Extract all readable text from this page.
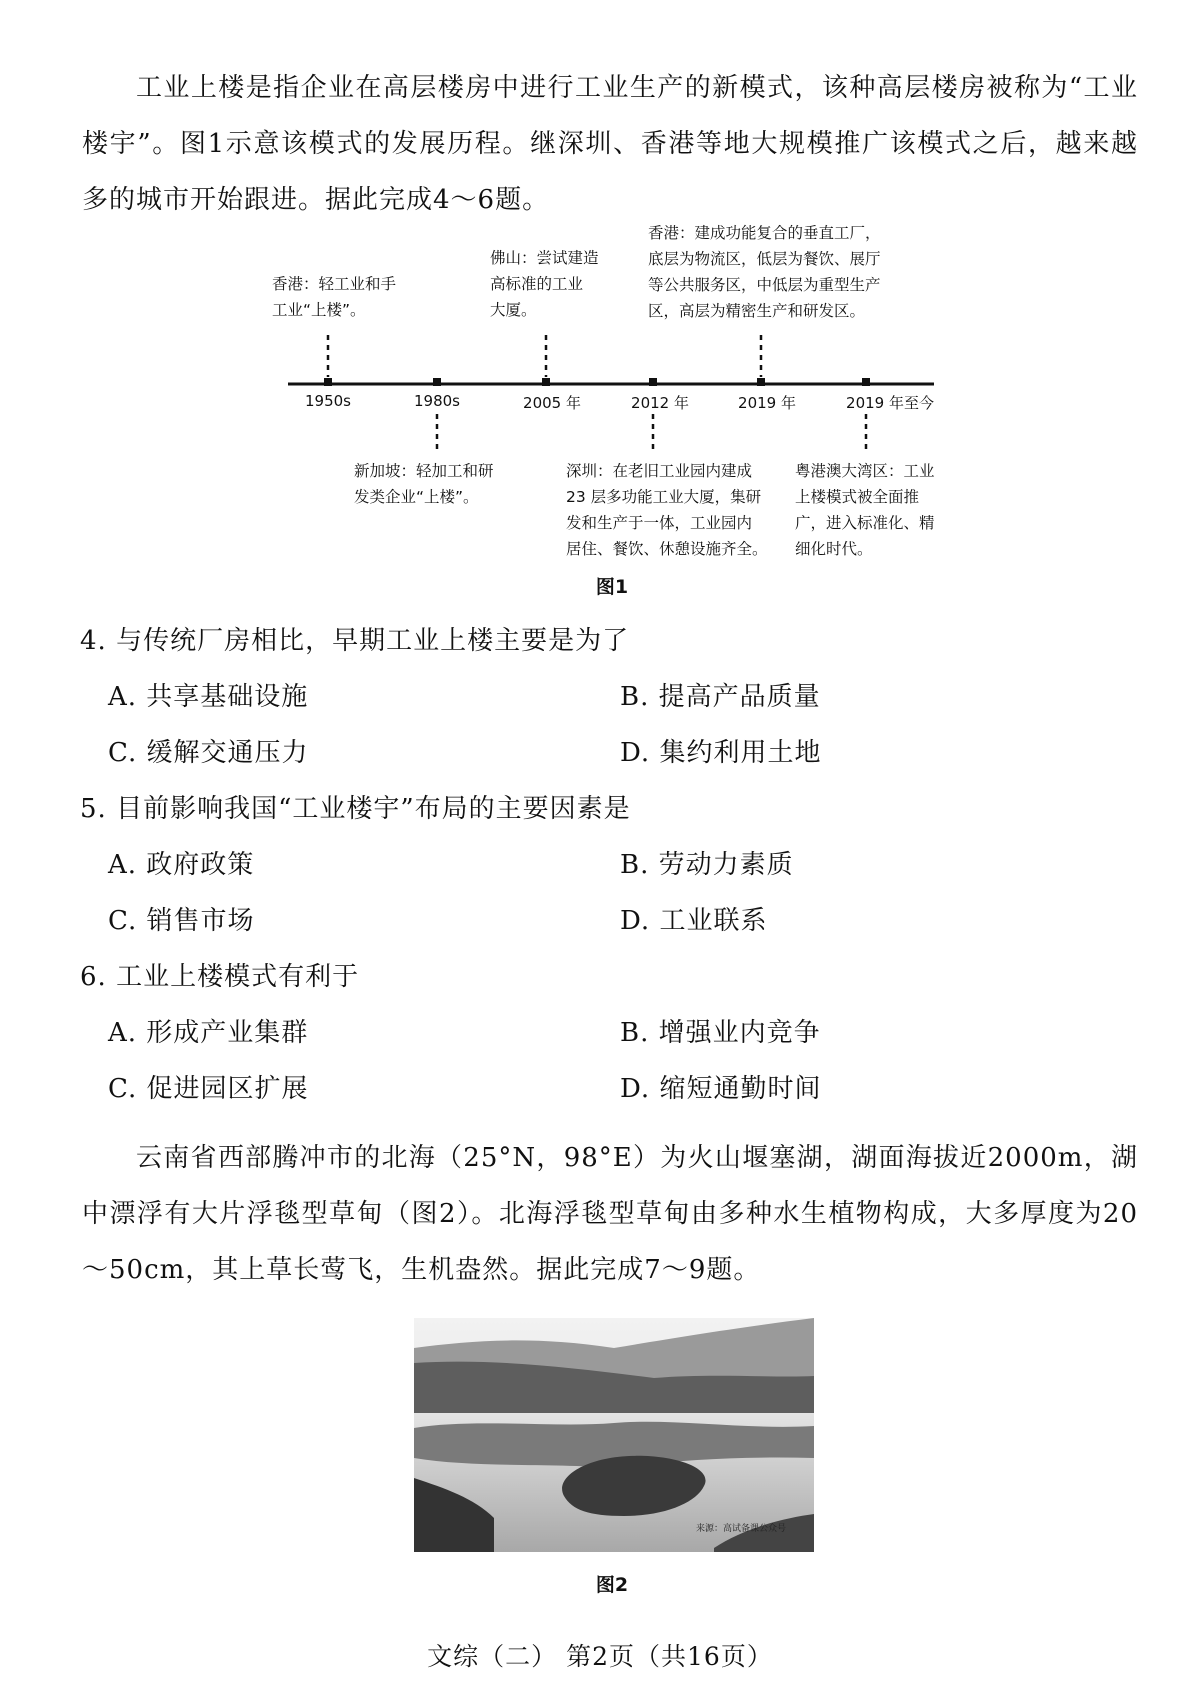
工业上楼是指企业在高层楼房中进行工业生产的新模式，该种高层楼房被称为“工业楼宇”。图1示意该模式的发展历程。继深圳、香港等地大规模推广该模式之后，越来越多的城市开始跟进。据此完成4～6题。

1950s	1980s	2005 年	2012 年	2019 年	2019 年至今
香港：轻工业和手
工业“上楼”。
佛山：尝试建造
高标准的工业
大厦。
香港：建成功能复合的垂直工厂，
底层为物流区，低层为餐饮、展厅
等公共服务区，中低层为重型生产
区，高层为精密生产和研发区。
新加坡：轻加工和研
发类企业“上楼”。
深圳：在老旧工业园内建成
23 层多功能工业大厦，集研
发和生产于一体，工业园内
居住、餐饮、休憩设施齐全。
粤港澳大湾区：工业
上楼模式被全面推
广，进入标准化、精
细化时代。
图1
4. 与传统厂房相比，早期工业上楼主要是为了
A. 共享基础设施	B. 提高产品质量
C. 缓解交通压力	D. 集约利用土地
5. 目前影响我国“工业楼宇”布局的主要因素是
A. 政府政策	B. 劳动力素质
C. 销售市场	D. 工业联系
6. 工业上楼模式有利于
A. 形成产业集群	B. 增强业内竞争
C. 促进园区扩展	D. 缩短通勤时间

云南省西部腾冲市的北海（25°N，98°E）为火山堰塞湖，湖面海拔近2000m，湖中漂浮有大片浮毯型草甸（图2）。北海浮毯型草甸由多种水生植物构成，大多厚度为20～50cm，其上草长莺飞，生机盎然。据此完成7～9题。

来源：高试备课公众号
图2
文综（二） 第2页（共16页）
